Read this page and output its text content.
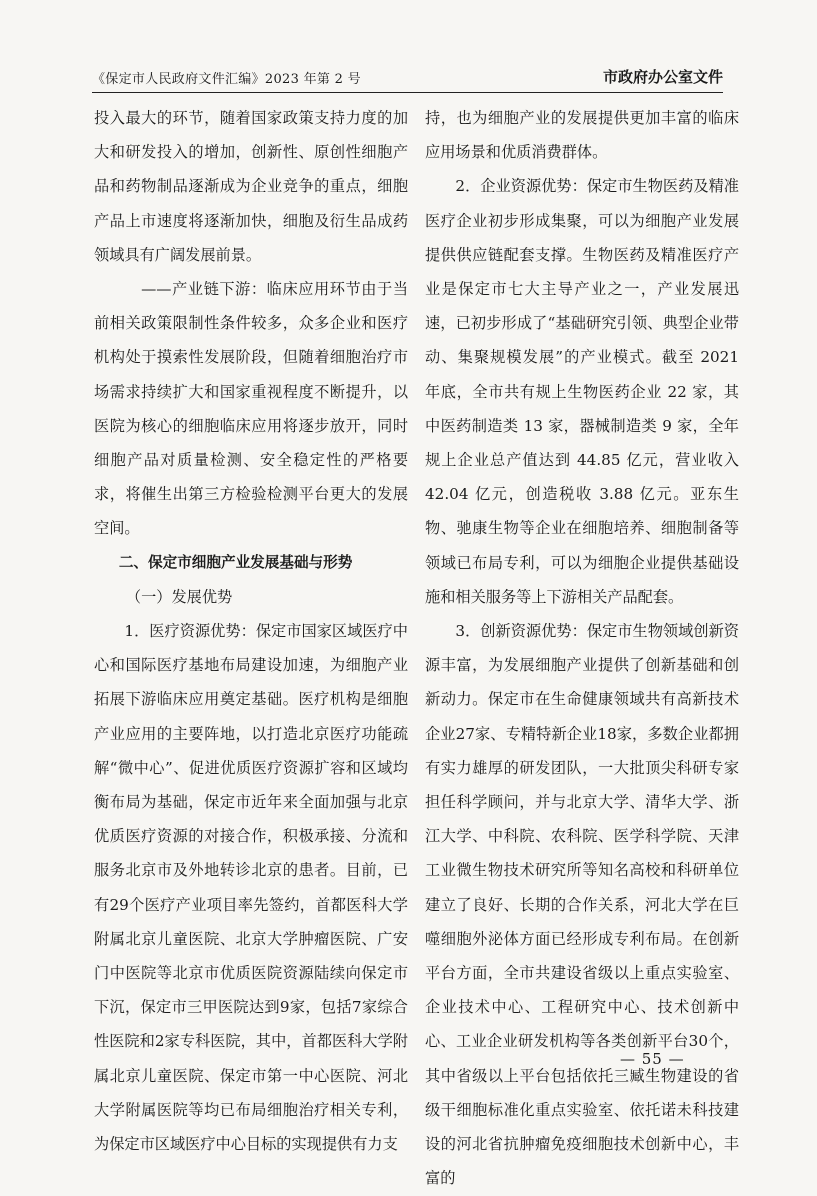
《保定市人民政府文件汇编》2023 年第 2 号	市政府办公室文件

投入最大的环节，随着国家政策支持力度的加大和研发投入的增加，创新性、原创性细胞产品和药物制品逐渐成为企业竞争的重点，细胞产品上市速度将逐渐加快，细胞及衍生品成药领域具有广阔发展前景。

——产业链下游：临床应用环节由于当前相关政策限制性条件较多，众多企业和医疗机构处于摸索性发展阶段，但随着细胞治疗市场需求持续扩大和国家重视程度不断提升，以医院为核心的细胞临床应用将逐步放开，同时细胞产品对质量检测、安全稳定性的严格要求，将催生出第三方检验检测平台更大的发展空间。

二、保定市细胞产业发展基础与形势

（一）发展优势

1．医疗资源优势：保定市国家区域医疗中心和国际医疗基地布局建设加速，为细胞产业拓展下游临床应用奠定基础。医疗机构是细胞产业应用的主要阵地，以打造北京医疗功能疏解“微中心”、促进优质医疗资源扩容和区域均衡布局为基础，保定市近年来全面加强与北京优质医疗资源的对接合作，积极承接、分流和服务北京市及外地转诊北京的患者。目前，已有29个医疗产业项目率先签约，首都医科大学附属北京儿童医院、北京大学肿瘤医院、广安门中医院等北京市优质医院资源陆续向保定市下沉，保定市三甲医院达到9家，包括7家综合性医院和2家专科医院，其中，首都医科大学附属北京儿童医院、保定市第一中心医院、河北大学附属医院等均已布局细胞治疗相关专利，为保定市区域医疗中心目标的实现提供有力支

持，也为细胞产业的发展提供更加丰富的临床应用场景和优质消费群体。

2．企业资源优势：保定市生物医药及精准医疗企业初步形成集聚，可以为细胞产业发展提供供应链配套支撑。生物医药及精准医疗产业是保定市七大主导产业之一，产业发展迅速，已初步形成了“基础研究引领、典型企业带动、集聚规模发展”的产业模式。截至 2021 年底，全市共有规上生物医药企业 22 家，其中医药制造类 13 家，器械制造类 9 家，全年规上企业总产值达到 44.85 亿元，营业收入 42.04 亿元，创造税收 3.88 亿元。亚东生物、驰康生物等企业在细胞培养、细胞制备等领域已布局专利，可以为细胞企业提供基础设施和相关服务等上下游相关产品配套。

3．创新资源优势：保定市生物领域创新资源丰富，为发展细胞产业提供了创新基础和创新动力。保定市在生命健康领域共有高新技术企业27家、专精特新企业18家，多数企业都拥有实力雄厚的研发团队，一大批顶尖科研专家担任科学顾问，并与北京大学、清华大学、浙江大学、中科院、农科院、医学科学院、天津工业微生物技术研究所等知名高校和科研单位建立了良好、长期的合作关系，河北大学在巨噬细胞外泌体方面已经形成专利布局。在创新平台方面，全市共建设省级以上重点实验室、企业技术中心、工程研究中心、技术创新中心、工业企业研发机构等各类创新平台30个，其中省级以上平台包括依托三臧生物建设的省级干细胞标准化重点实验室、依托诺未科技建设的河北省抗肿瘤免疫细胞技术创新中心，丰富的

— 55 —
